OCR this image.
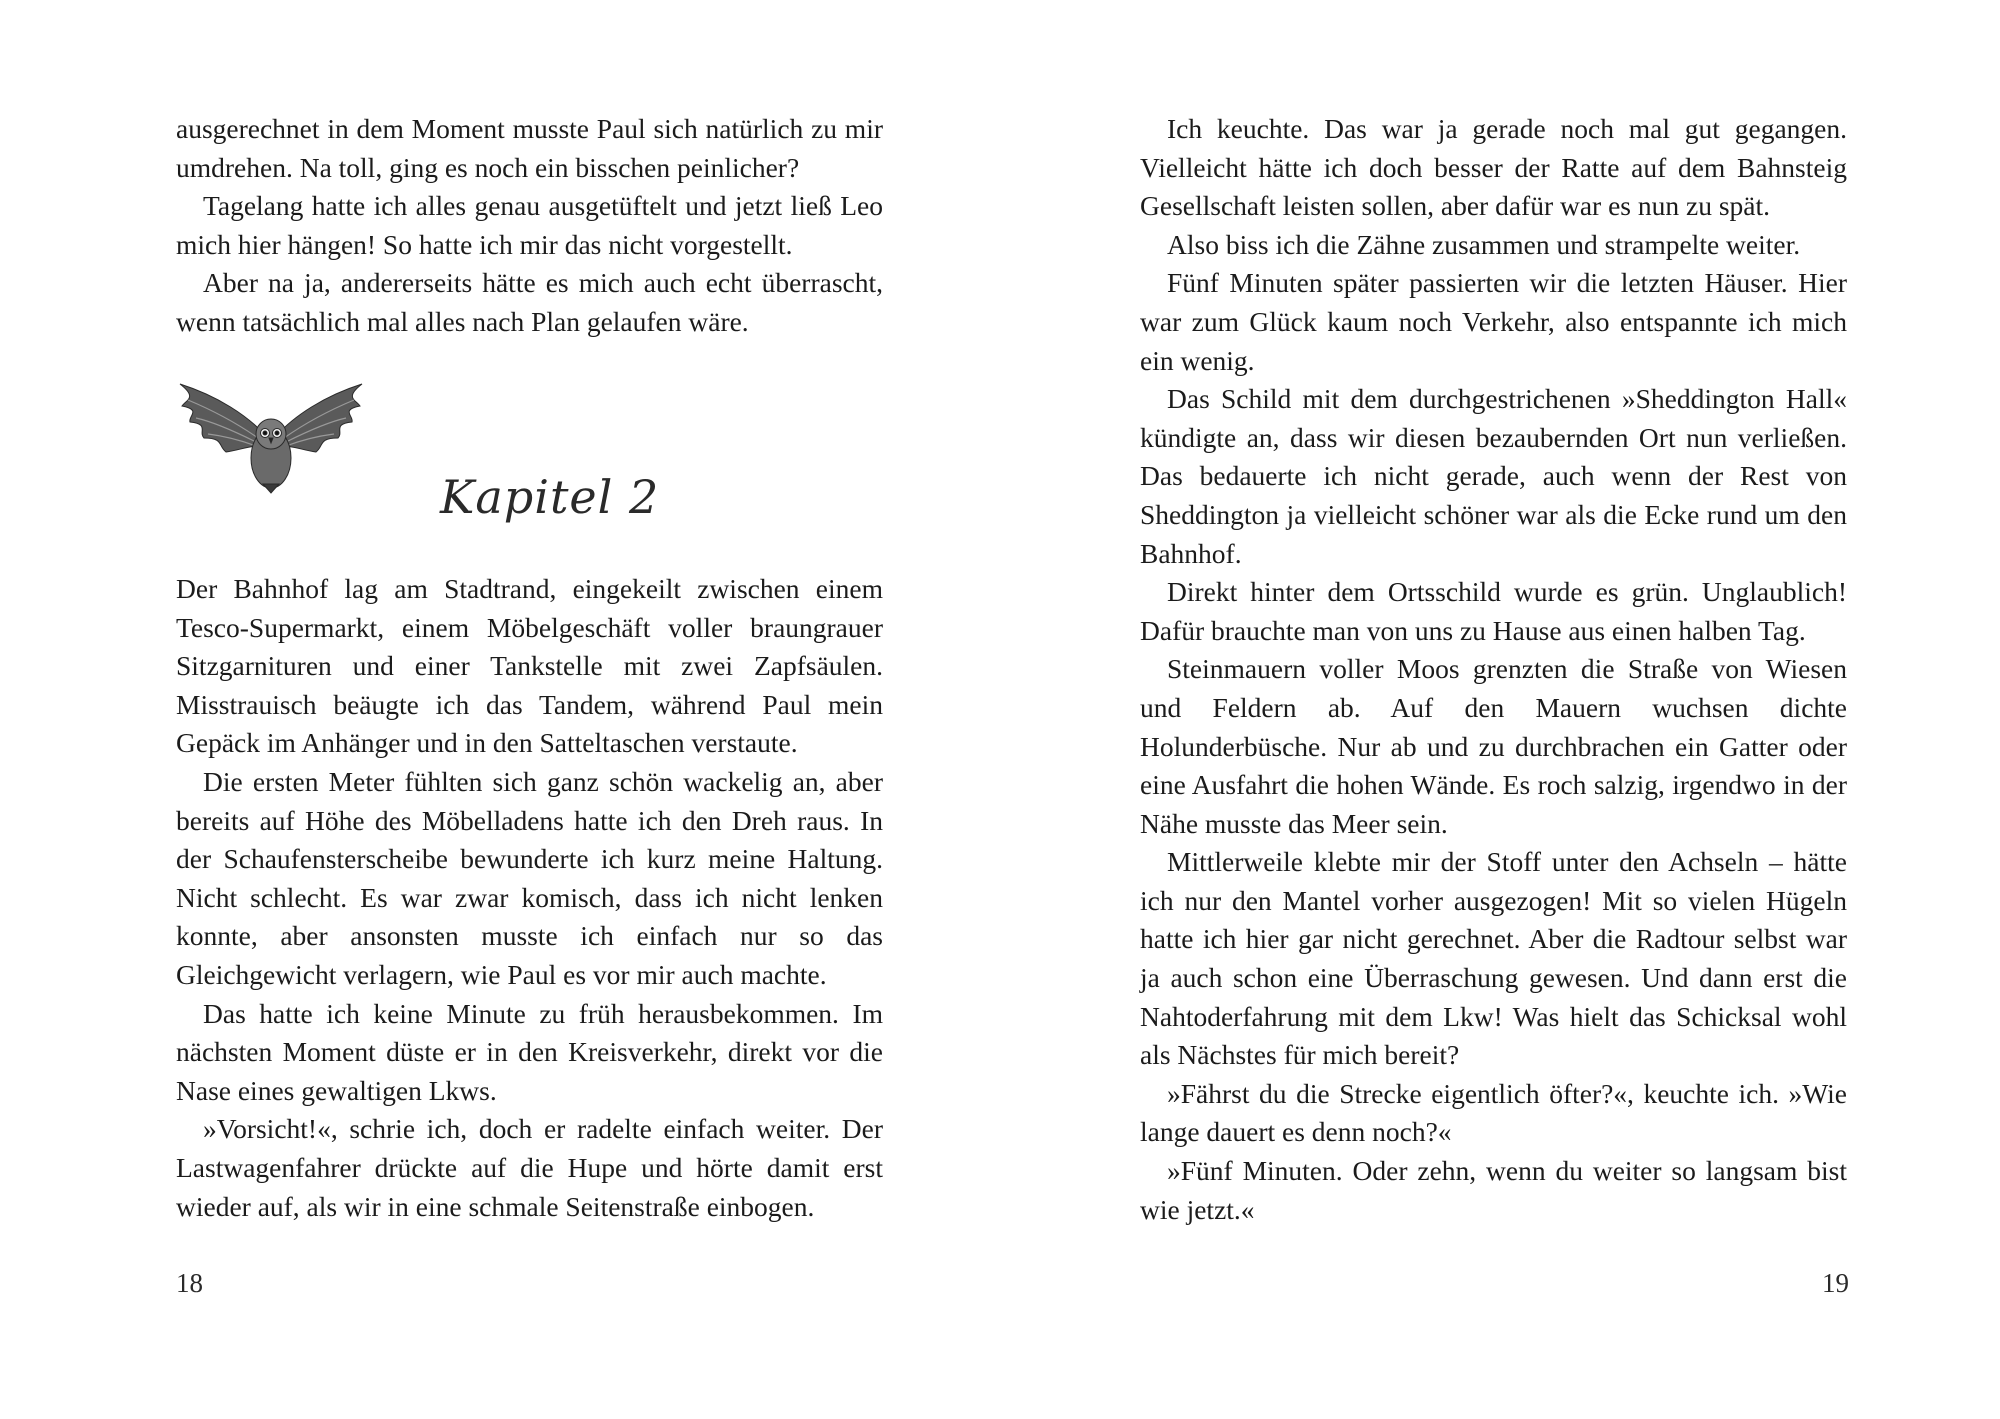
ausgerechnet in dem Moment musste Paul sich natürlich zu mir umdrehen. Na toll, ging es noch ein bisschen peinlicher?

Tagelang hatte ich alles genau ausgetüftelt und jetzt ließ Leo mich hier hängen! So hatte ich mir das nicht vorgestellt.

Aber na ja, andererseits hätte es mich auch echt überrascht, wenn tatsächlich mal alles nach Plan gelaufen wäre.

Kapitel 2

Der Bahnhof lag am Stadtrand, eingekeilt zwischen einem Tesco-Supermarkt, einem Möbelgeschäft voller braungrauer Sitzgarnituren und einer Tankstelle mit zwei Zapfsäulen. Misstrauisch beäugte ich das Tandem, während Paul mein Gepäck im Anhänger und in den Satteltaschen verstaute.

Die ersten Meter fühlten sich ganz schön wackelig an, aber bereits auf Höhe des Möbelladens hatte ich den Dreh raus. In der Schaufensterscheibe bewunderte ich kurz meine Haltung. Nicht schlecht. Es war zwar komisch, dass ich nicht lenken konnte, aber ansonsten musste ich einfach nur so das Gleichgewicht verlagern, wie Paul es vor mir auch machte.

Das hatte ich keine Minute zu früh herausbekommen. Im nächsten Moment düste er in den Kreisverkehr, direkt vor die Nase eines gewaltigen Lkws.

»Vorsicht!«, schrie ich, doch er radelte einfach weiter. Der Lastwagenfahrer drückte auf die Hupe und hörte damit erst wieder auf, als wir in eine schmale Seitenstraße einbogen.

18

Ich keuchte. Das war ja gerade noch mal gut gegangen. Vielleicht hätte ich doch besser der Ratte auf dem Bahnsteig Gesellschaft leisten sollen, aber dafür war es nun zu spät.

Also biss ich die Zähne zusammen und strampelte weiter.

Fünf Minuten später passierten wir die letzten Häuser. Hier war zum Glück kaum noch Verkehr, also entspannte ich mich ein wenig.

Das Schild mit dem durchgestrichenen »Sheddington Hall« kündigte an, dass wir diesen bezaubernden Ort nun verließen. Das bedauerte ich nicht gerade, auch wenn der Rest von Sheddington ja vielleicht schöner war als die Ecke rund um den Bahnhof.

Direkt hinter dem Ortsschild wurde es grün. Unglaublich! Dafür brauchte man von uns zu Hause aus einen halben Tag.

Steinmauern voller Moos grenzten die Straße von Wiesen und Feldern ab. Auf den Mauern wuchsen dichte Holunderbüsche. Nur ab und zu durchbrachen ein Gatter oder eine Ausfahrt die hohen Wände. Es roch salzig, irgendwo in der Nähe musste das Meer sein.

Mittlerweile klebte mir der Stoff unter den Achseln – hätte ich nur den Mantel vorher ausgezogen! Mit so vielen Hügeln hatte ich hier gar nicht gerechnet. Aber die Radtour selbst war ja auch schon eine Überraschung gewesen. Und dann erst die Nahtoderfahrung mit dem Lkw! Was hielt das Schicksal wohl als Nächstes für mich bereit?

»Fährst du die Strecke eigentlich öfter?«, keuchte ich. »Wie lange dauert es denn noch?«

»Fünf Minuten. Oder zehn, wenn du weiter so langsam bist wie jetzt.«

19
